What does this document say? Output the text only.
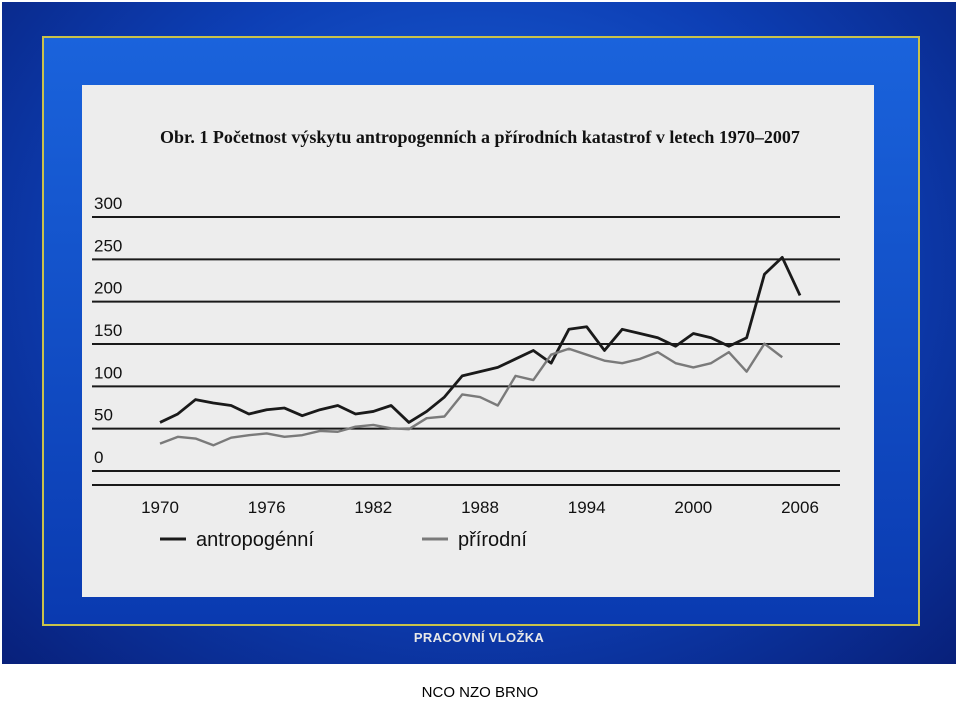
Obr. 1 Početnost výskytu antropogenních a přírodních katastrof v letech 1970–2007
0
50
100
150
200
250
300
1970	1976	1982	1988	1994	2000	2006
antropogénní	přírodní
PRACOVNÍ VLOŽKA
NCO NZO BRNO
